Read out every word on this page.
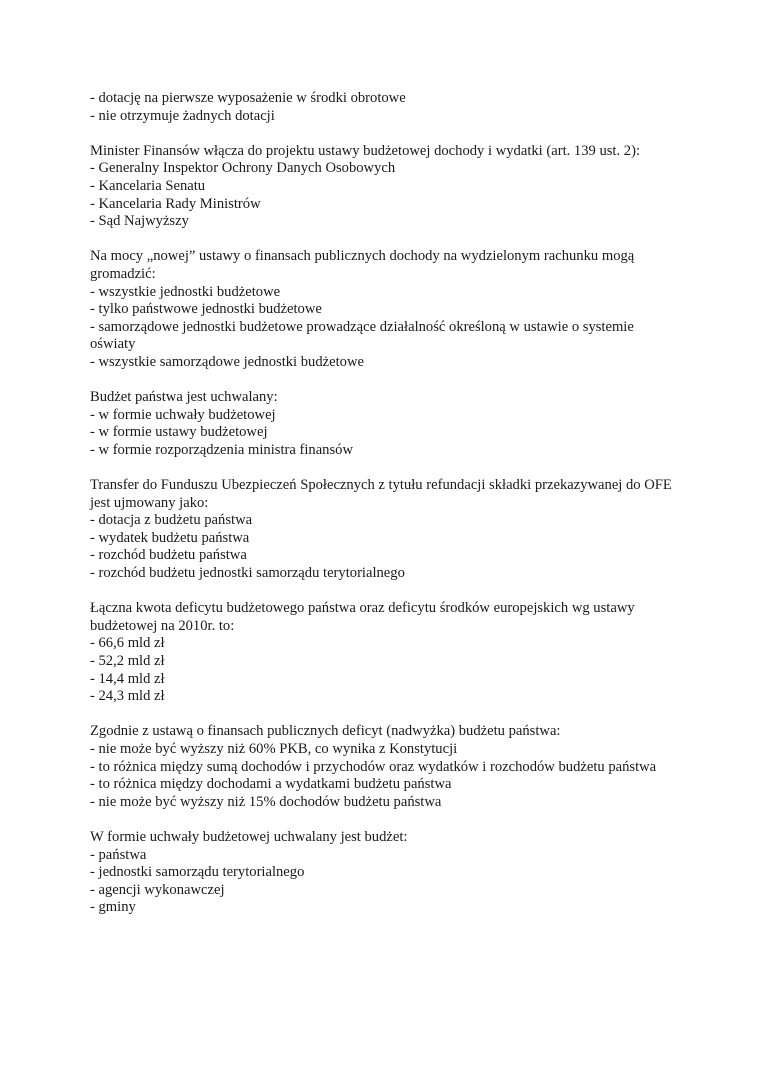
- dotację na pierwsze wyposażenie w środki obrotowe
- nie otrzymuje żadnych dotacji
Minister Finansów włącza do projektu ustawy budżetowej dochody i wydatki (art. 139 ust. 2):
- Generalny Inspektor Ochrony Danych Osobowych
- Kancelaria Senatu
- Kancelaria Rady Ministrów
- Sąd Najwyższy
Na mocy „nowej” ustawy o finansach publicznych dochody na wydzielonym rachunku mogą gromadzić:
- wszystkie jednostki budżetowe
- tylko państwowe jednostki budżetowe
- samorządowe jednostki budżetowe prowadzące działalność określoną w ustawie o systemie oświaty
- wszystkie samorządowe jednostki budżetowe
Budżet państwa jest uchwalany:
- w formie uchwały budżetowej
- w formie ustawy budżetowej
- w formie rozporządzenia ministra finansów
Transfer do Funduszu Ubezpieczeń Społecznych z tytułu refundacji składki przekazywanej do OFE jest ujmowany jako:
- dotacja z budżetu państwa
- wydatek budżetu państwa
- rozchód budżetu państwa
- rozchód budżetu jednostki samorządu terytorialnego
Łączna kwota deficytu budżetowego państwa oraz deficytu środków europejskich wg ustawy budżetowej na 2010r. to:
- 66,6 mld zł
- 52,2 mld zł
- 14,4 mld zł
- 24,3 mld zł
Zgodnie z ustawą o finansach publicznych deficyt (nadwyżka) budżetu państwa:
- nie może być wyższy niż 60% PKB, co wynika z Konstytucji
- to różnica między sumą dochodów i przychodów oraz wydatków i rozchodów budżetu państwa
- to różnica między dochodami a wydatkami budżetu państwa
- nie może być wyższy niż 15% dochodów budżetu państwa
W formie uchwały budżetowej uchwalany jest budżet:
- państwa
- jednostki samorządu terytorialnego
- agencji wykonawczej
- gminy
